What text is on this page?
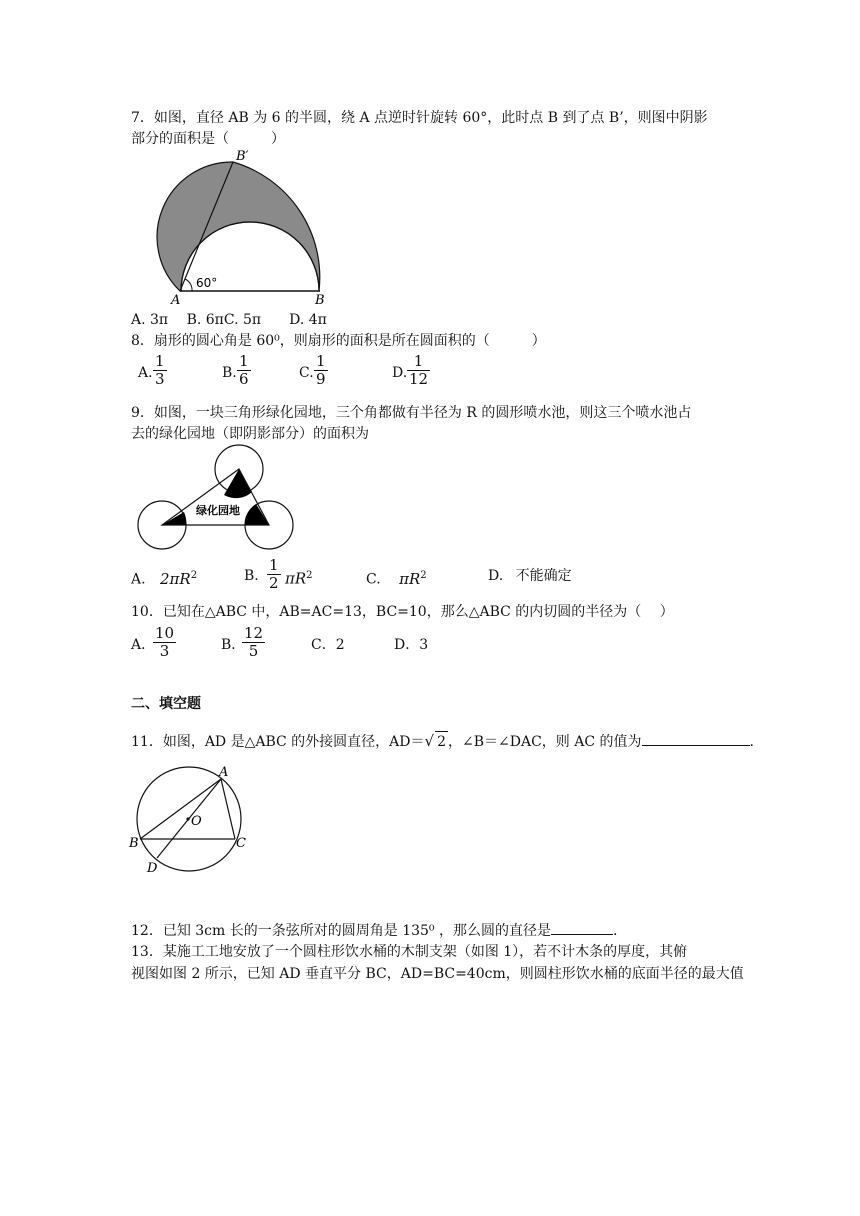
7．如图，直径 AB 为 6 的半圆，绕 A 点逆时针旋转 60°，此时点 B 到了点 B’，则图中阴影
部分的面积是（　　　）
B′
A	B
60°
A. 3π　 B. 6πC. 5π　　D. 4π
8．扇形的圆心角是 60⁰，则扇形的面积是所在圆面积的（　　　）
A. $\frac{1}{3}$	B. $\frac{1}{6}$	C. $\frac{1}{9}$	D. $\frac{1}{12}$
9．如图，一块三角形绿化园地，三个角都做有半径为 R 的圆形喷水池，则这三个喷水池占
去的绿化园地（即阴影部分）的面积为
绿化园地
A. $2\pi R^2$	B. $\frac{1}{2} \pi R^2$	C. $\pi R^2$	D. 不能确定
10．已知在△ABC 中，AB=AC=13，BC=10，那么△ABC 的内切圆的半径为（　 ）
A．
$\frac{10}{3}$	B．
$\frac{12}{5}$	C．2	D．3
二、填空题
11．如图，AD 是△ABC 的外接圆直径，AD＝√ 2 ，∠B＝∠DAC，则 AC 的值为	.
A
B	C
D
O
12．已知 3cm 长的一条弦所对的圆周角是 135⁰ ，那么圆的直径是	.
13．某施工工地安放了一个圆柱形饮水桶的木制支架（如图 1），若不计木条的厚度，其俯
视图如图 2 所示，已知 AD 垂直平分 BC，AD=BC=40cm，则圆柱形饮水桶的底面半径的最大值
